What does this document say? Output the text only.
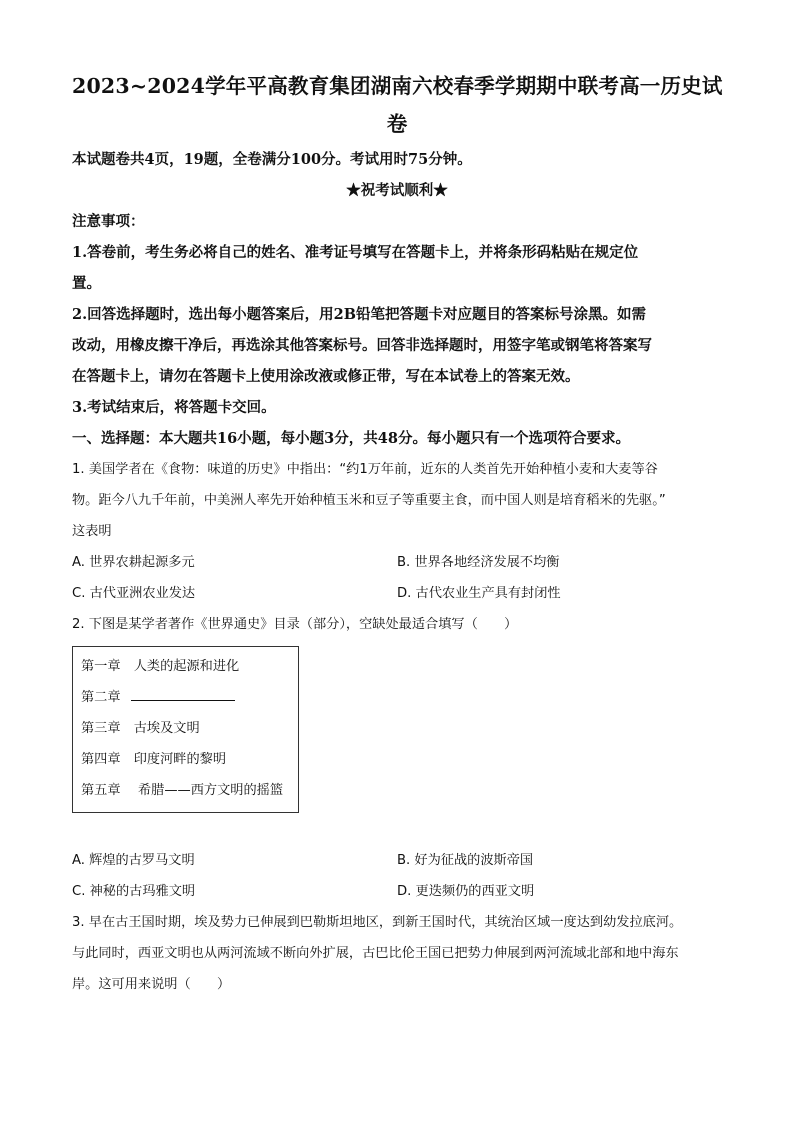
2023~2024学年平高教育集团湖南六校春季学期期中联考高一历史试

卷

本试题卷共4页，19题，全卷满分100分。考试用时75分钟。

★祝考试顺利★

注意事项：

1.答卷前，考生务必将自己的姓名、准考证号填写在答题卡上，并将条形码粘贴在规定位

置。

2.回答选择题时，选出每小题答案后，用2B铅笔把答题卡对应题目的答案标号涂黑。如需

改动，用橡皮擦干净后，再选涂其他答案标号。回答非选择题时，用签字笔或钢笔将答案写

在答题卡上，请勿在答题卡上使用涂改液或修正带，写在本试卷上的答案无效。

3.考试结束后，将答题卡交回。

一、选择题：本大题共16小题，每小题3分，共48分。每小题只有一个选项符合要求。

1. 美国学者在《食物：味道的历史》中指出：“约1万年前，近东的人类首先开始种植小麦和大麦等谷

物。距今八九千年前，中美洲人率先开始种植玉米和豆子等重要主食，而中国人则是培育稻米的先驱。”

这表明

A. 世界农耕起源多元	B. 世界各地经济发展不均衡
C. 古代亚洲农业发达	D. 古代农业生产具有封闭性

2. 下图是某学者著作《世界通史》目录（部分），空缺处最适合填写（　　）

第一章　人类的起源和进化
第二章
第三章　古埃及文明
第四章　印度河畔的黎明
第五章　 希腊——西方文明的摇篮
A. 辉煌的古罗马文明	B. 好为征战的波斯帝国
C. 神秘的古玛雅文明	D. 更迭频仍的西亚文明

3. 早在古王国时期，埃及势力已伸展到巴勒斯坦地区，到新王国时代，其统治区域一度达到幼发拉底河。

与此同时，西亚文明也从两河流域不断向外扩展，古巴比伦王国已把势力伸展到两河流域北部和地中海东

岸。这可用来说明（　　）
